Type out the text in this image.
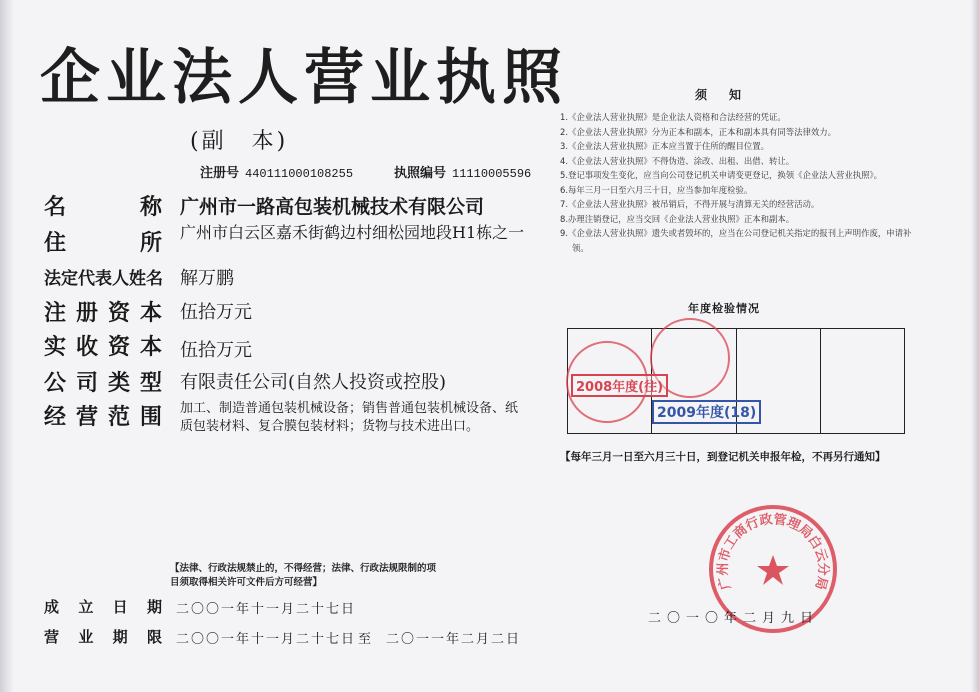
企业法人营业执照
(副　本)
注册号 440111000108255	执照编号 11110005596
名　　称 广州市一路高包装机械技术有限公司
住　　所 广州市白云区嘉禾街鹤边村细松园地段H1栋之一
法定代表人姓名 解万鹏
注册资本 伍拾万元
实收资本 伍拾万元
公司类型 有限责任公司(自然人投资或控股)
经营范围 加工、制造普通包装机械设备；销售普通包装机械设备、纸质包装材料、复合膜包装材料；货物与技术进出口。
须知
1.《企业法人营业执照》是企业法人资格和合法经营的凭证。
2.《企业法人营业执照》分为正本和副本，正本和副本具有同等法律效力。
3.《企业法人营业执照》正本应当置于住所的醒目位置。
4.《企业法人营业执照》不得伪造、涂改、出租、出借、转让。
5.登记事项发生变化，应当向公司登记机关申请变更登记，换领《企业法人营业执照》。
6.每年三月一日至六月三十日，应当参加年度检验。
7.《企业法人营业执照》被吊销后，不得开展与清算无关的经营活动。
8.办理注销登记，应当交回《企业法人营业执照》正本和副本。
9.《企业法人营业执照》遗失或者毁坏的，应当在公司登记机关指定的报刊上声明作废，申请补领。
年度检验情况
2008年度(往)
2009年度(18)
【每年三月一日至六月三十日，到登记机关申报年检，不再另行通知】
【法律、行政法规禁止的，不得经营；法律、行政法规限制的项目须取得相关许可文件后方可经营】
成立日期 二〇〇一年十一月二十七日
营业期限 二〇〇一年十一月二十七日 至 二〇一一年二月二日
广州市工商行政管理局白云分局
二〇一〇年二月九日
